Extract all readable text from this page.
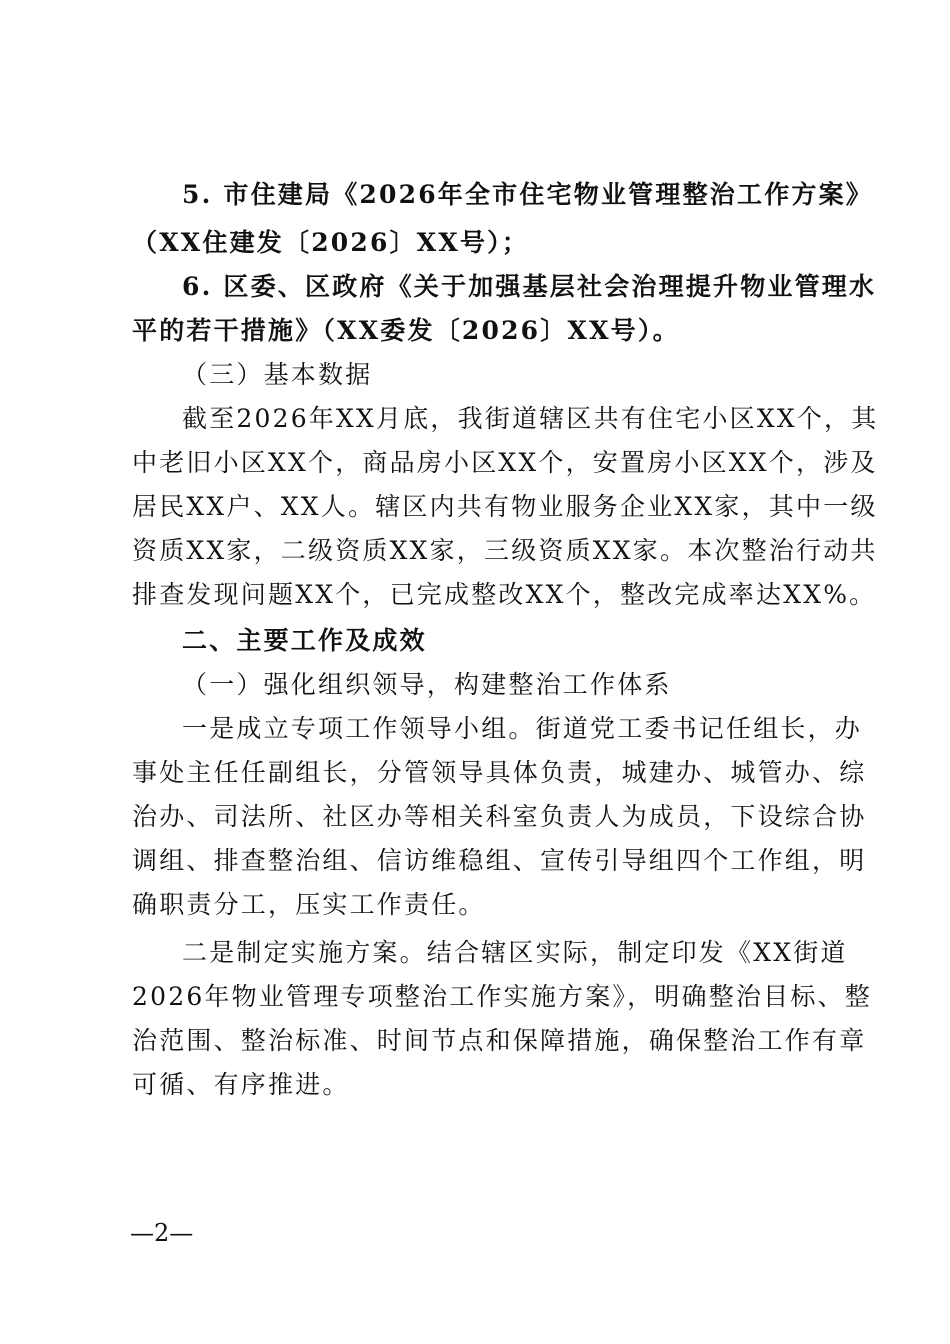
5. 市住建局《2026年全市住宅物业管理整治工作方案》
（XX住建发〔2026〕XX号）；
6. 区委、区政府《关于加强基层社会治理提升物业管理水
平的若干措施》（XX委发〔2026〕XX号）。
（三）基本数据
截至2026年XX月底，我街道辖区共有住宅小区XX个，其
中老旧小区XX个，商品房小区XX个，安置房小区XX个，涉及
居民XX户、XX人。辖区内共有物业服务企业XX家，其中一级
资质XX家，二级资质XX家，三级资质XX家。本次整治行动共
排查发现问题XX个，已完成整改XX个，整改完成率达XX%。
二、主要工作及成效
（一）强化组织领导，构建整治工作体系
一是成立专项工作领导小组。街道党工委书记任组长，办
事处主任任副组长，分管领导具体负责，城建办、城管办、综
治办、司法所、社区办等相关科室负责人为成员，下设综合协
调组、排查整治组、信访维稳组、宣传引导组四个工作组，明
确职责分工，压实工作责任。
二是制定实施方案。结合辖区实际，制定印发《XX街道
2026年物业管理专项整治工作实施方案》，明确整治目标、整
治范围、整治标准、时间节点和保障措施，确保整治工作有章
可循、有序推进。
—2—
